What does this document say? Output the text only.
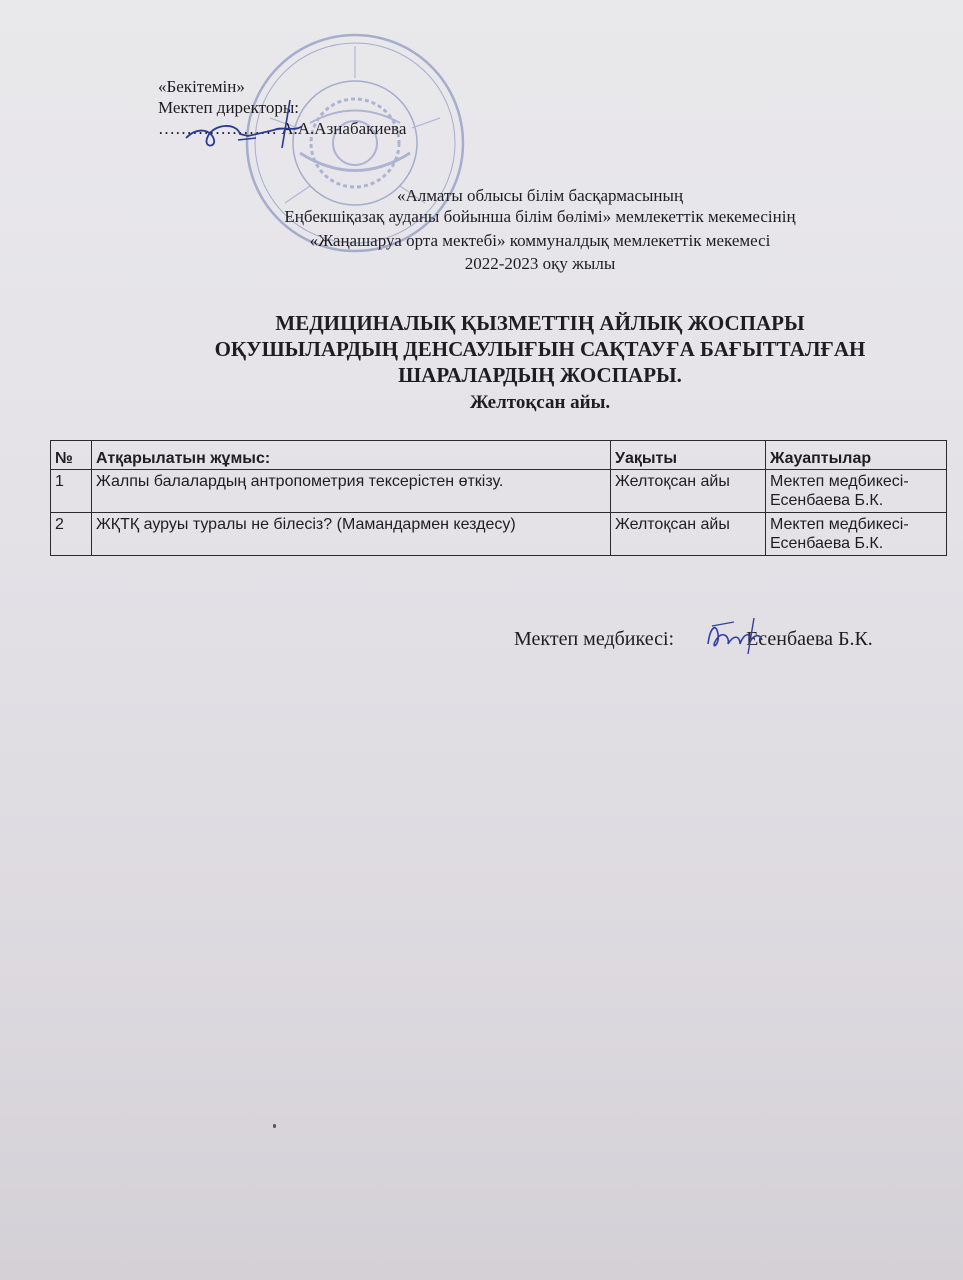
«Бекітемін»
Мектеп директоры:
………………… А.А.Азнабакиева
«Алматы облысы білім басқармасының
Еңбекшіқазақ ауданы бойынша білім бөлімі» мемлекеттік мекемесінің
«Жаңашаруа орта мектебі» коммуналдық мемлекеттік мекемесі
2022-2023 оқу жылы
МЕДИЦИНАЛЫҚ ҚЫЗМЕТТІҢ АЙЛЫҚ ЖОСПАРЫ
ОҚУШЫЛАРДЫҢ ДЕНСАУЛЫҒЫН САҚТАУҒА БАҒЫТТАЛҒАН
ШАРАЛАРДЫҢ ЖОСПАРЫ.
Желтоқсан айы.
№	Атқарылатын жұмыс:	Уақыты	Жауаптылар
1	Жалпы балалардың антропометрия тексерістен өткізу.	Желтоқсан айы	Мектеп медбикесі-
Есенбаева Б.К.

2	ЖҚТҚ ауруы туралы не білесіз? (Мамандармен кездесу)	Желтоқсан айы	Мектеп медбикесі-
Есенбаева Б.К.
Мектеп медбикесі:	Есенбаева Б.К.
